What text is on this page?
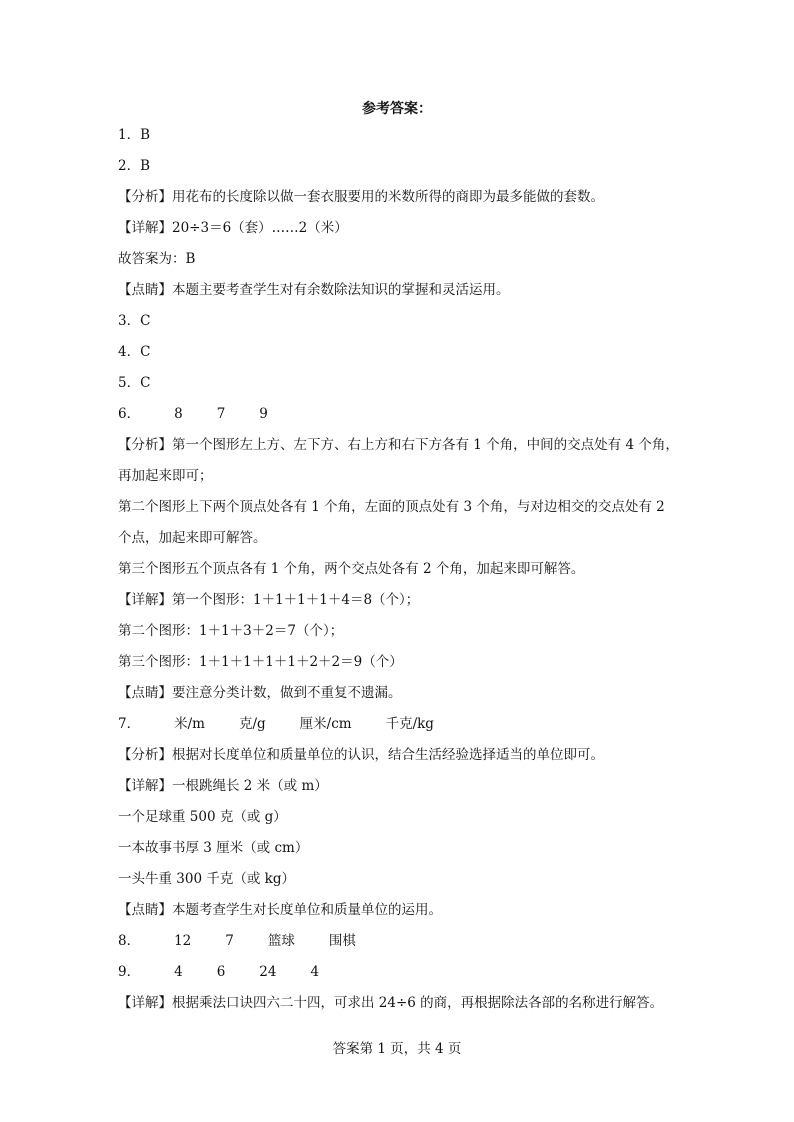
参考答案：
1．B
2．B
【分析】用花布的长度除以做一套衣服要用的米数所得的商即为最多能做的套数。
【详解】20÷3＝6（套）……2（米）
故答案为：B
【点睛】本题主要考查学生对有余数除法知识的掌握和灵活运用。
3．C
4．C
5．C
6．	8	7	9
【分析】第一个图形左上方、左下方、右上方和右下方各有 1 个角，中间的交点处有 4 个角，
再加起来即可；
第二个图形上下两个顶点处各有 1 个角，左面的顶点处有 3 个角，与对边相交的交点处有 2
个点，加起来即可解答。
第三个图形五个顶点各有 1 个角，两个交点处各有 2 个角，加起来即可解答。
【详解】第一个图形：1＋1＋1＋1＋4＝8（个）；
第二个图形：1＋1＋3＋2＝7（个）；
第三个图形：1＋1＋1＋1＋1＋2＋2＝9（个）
【点睛】要注意分类计数，做到不重复不遗漏。
7．	米/m	克/g	厘米/cm	千克/kg
【分析】根据对长度单位和质量单位的认识，结合生活经验选择适当的单位即可。
【详解】一根跳绳长 2 米（或 m）
一个足球重 500 克（或 g）
一本故事书厚 3 厘米（或 cm）
一头牛重 300 千克（或 kg）
【点睛】本题考查学生对长度单位和质量单位的运用。
8．	12	7	篮球	围棋
9．	4	6	24	4
【详解】根据乘法口诀四六二十四，可求出 24÷6 的商，再根据除法各部的名称进行解答。
答案第 1 页，共 4 页
